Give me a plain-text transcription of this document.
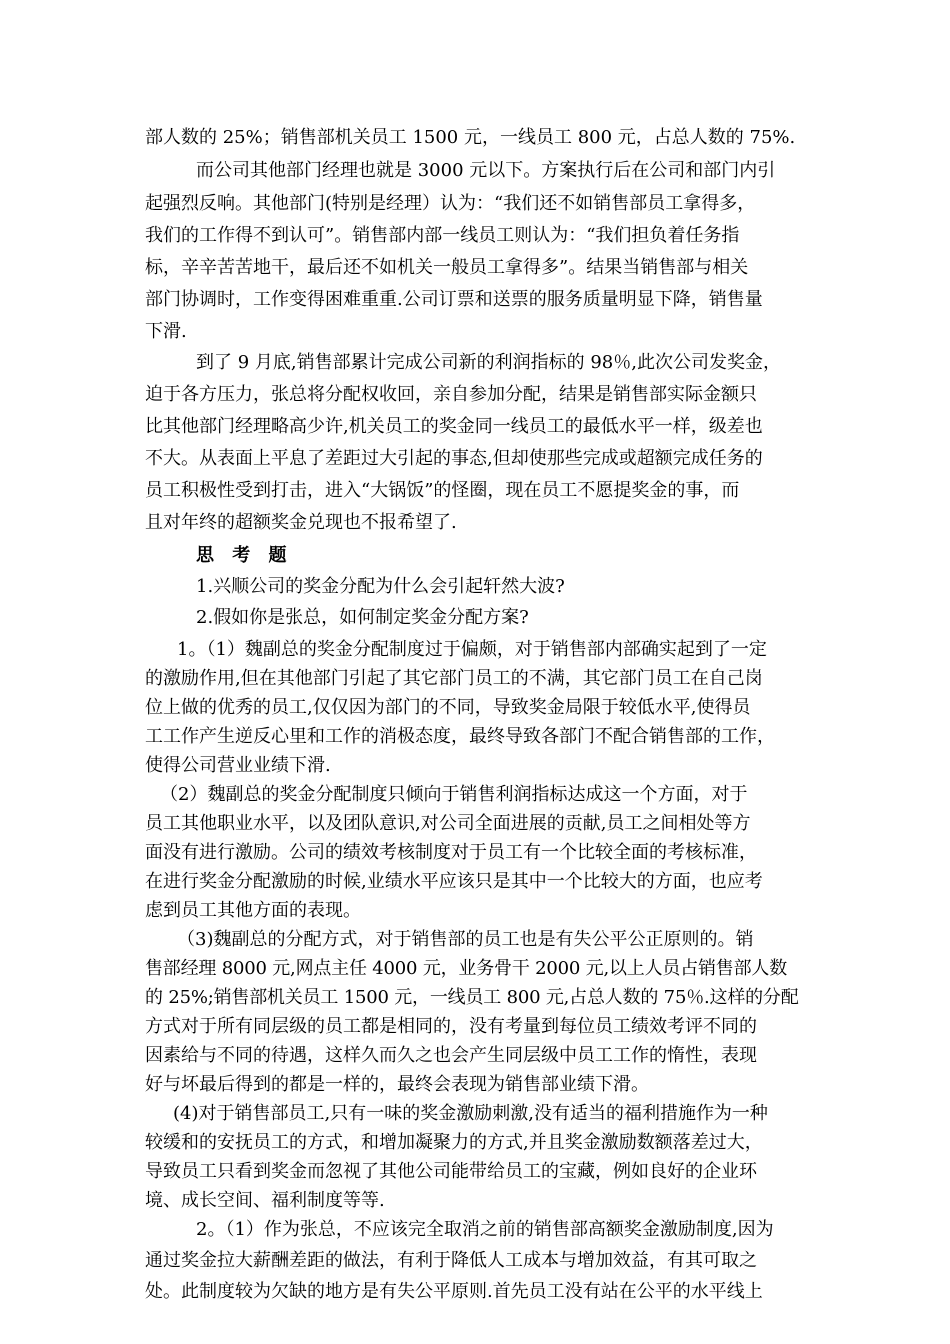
部人数的 25%；销售部机关员工 1500 元，一线员工 800 元，占总人数的 75%.
而公司其他部门经理也就是 3000 元以下。方案执行后在公司和部门内引
起强烈反响。其他部门(特别是经理）认为：“我们还不如销售部员工拿得多，
我们的工作得不到认可”。销售部内部一线员工则认为：“我们担负着任务指
标，辛辛苦苦地干，最后还不如机关一般员工拿得多”。结果当销售部与相关
部门协调时，工作变得困难重重.公司订票和送票的服务质量明显下降，销售量
下滑.
到了 9 月底,销售部累计完成公司新的利润指标的 98％,此次公司发奖金，
迫于各方压力，张总将分配权收回，亲自参加分配，结果是销售部实际金额只
比其他部门经理略高少许,机关员工的奖金同一线员工的最低水平一样，级差也
不大。从表面上平息了差距过大引起的事态,但却使那些完成或超额完成任务的
员工积极性受到打击，进入“大锅饭”的怪圈，现在员工不愿提奖金的事，而
且对年终的超额奖金兑现也不报希望了.
思 考 题
1.兴顺公司的奖金分配为什么会引起轩然大波?
2.假如你是张总，如何制定奖金分配方案?
1。（1）魏副总的奖金分配制度过于偏颇，对于销售部内部确实起到了一定
的激励作用,但在其他部门引起了其它部门员工的不满，其它部门员工在自己岗
位上做的优秀的员工,仅仅因为部门的不同，导致奖金局限于较低水平,使得员
工工作产生逆反心里和工作的消极态度，最终导致各部门不配合销售部的工作，
使得公司营业业绩下滑.
（2）魏副总的奖金分配制度只倾向于销售利润指标达成这一个方面，对于
员工其他职业水平，以及团队意识,对公司全面进展的贡献,员工之间相处等方
面没有进行激励。公司的绩效考核制度对于员工有一个比较全面的考核标准，
在进行奖金分配激励的时候,业绩水平应该只是其中一个比较大的方面，也应考
虑到员工其他方面的表现。
（3)魏副总的分配方式，对于销售部的员工也是有失公平公正原则的。销
售部经理 8000 元,网点主任 4000 元，业务骨干 2000 元,以上人员占销售部人数
的 25%;销售部机关员工 1500 元，一线员工 800 元,占总人数的 75％.这样的分配
方式对于所有同层级的员工都是相同的，没有考量到每位员工绩效考评不同的
因素给与不同的待遇，这样久而久之也会产生同层级中员工工作的惰性，表现
好与坏最后得到的都是一样的，最终会表现为销售部业绩下滑。
(4)对于销售部员工,只有一味的奖金激励刺激,没有适当的福利措施作为一种
较缓和的安抚员工的方式，和增加凝聚力的方式,并且奖金激励数额落差过大，
导致员工只看到奖金而忽视了其他公司能带给员工的宝藏，例如良好的企业环
境、成长空间、福利制度等等.
2。（1）作为张总，不应该完全取消之前的销售部高额奖金激励制度,因为
通过奖金拉大薪酬差距的做法，有利于降低人工成本与增加效益，有其可取之
处。此制度较为欠缺的地方是有失公平原则.首先员工没有站在公平的水平线上
